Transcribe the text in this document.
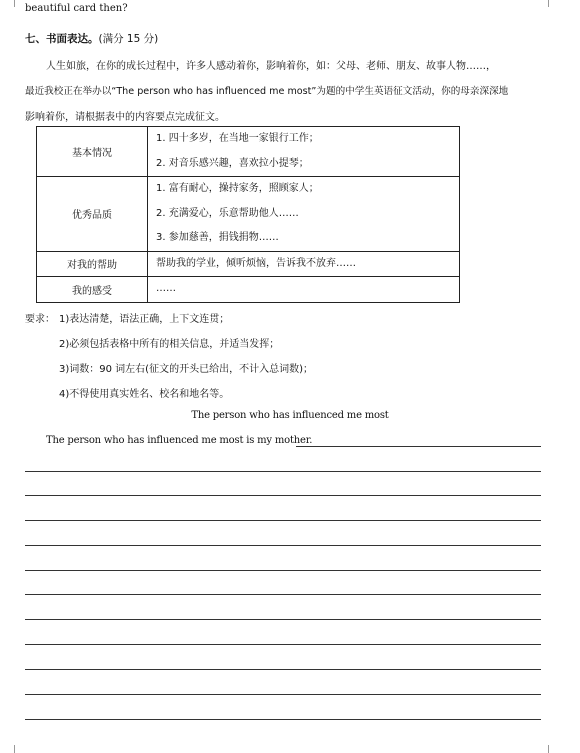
beautiful card then?
七、书面表达。(满分 15 分)
人生如旅，在你的成长过程中，许多人感动着你，影响着你，如：父母、老师、朋友、故事人物……，
最近我校正在举办以“The person who has influenced me most”为题的中学生英语征文活动，你的母亲深深地
影响着你，请根据表中的内容要点完成征文。
基本情况	1. 四十多岁，在当地一家银行工作；
2. 对音乐感兴趣，喜欢拉小提琴；

优秀品质	1. 富有耐心，操持家务，照顾家人；
2. 充满爱心，乐意帮助他人……
3. 参加慈善，捐钱捐物……

对我的帮助	帮助我的学业，倾听烦恼，告诉我不放弃……

我的感受	……
要求： 1)表达清楚，语法正确，上下文连贯；
2)必须包括表格中所有的相关信息，并适当发挥；
3)词数：90 词左右(征文的开头已给出，不计入总词数)；
4)不得使用真实姓名、校名和地名等。
The person who has influenced me most
The person who has influenced me most is my mother.
